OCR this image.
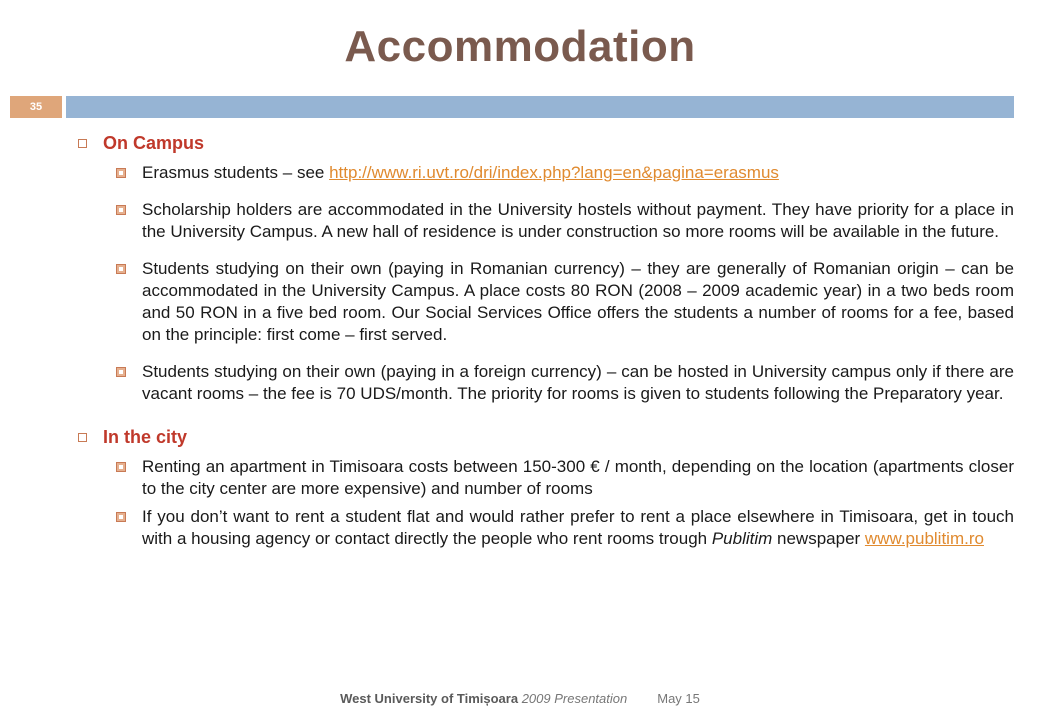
Accommodation
35
On Campus
Erasmus students – see http://www.ri.uvt.ro/dri/index.php?lang=en&pagina=erasmus
Scholarship holders are accommodated in the University hostels without payment. They have priority for a place in the University Campus. A new hall of residence is under construction so more rooms will be available in the future.
Students studying on their own (paying in Romanian currency) – they are generally of Romanian origin – can be accommodated in the University Campus. A place costs 80 RON (2008 – 2009 academic year) in a two beds room and 50 RON in a five bed room. Our Social Services Office offers the students a number of rooms for a fee, based on the principle: first come – first served.
Students studying on their own (paying in a foreign currency) – can be hosted in University campus only if there are vacant rooms – the fee is 70 UDS/month. The priority for rooms is given to students following the Preparatory year.
In the city
Renting an apartment in Timisoara costs between 150-300 € / month, depending on the location (apartments closer to the city center are more expensive) and number of rooms
If you don’t want to rent a student flat and would rather prefer to rent a place elsewhere in Timisoara, get in touch with a housing agency or contact directly the people who rent rooms trough Publitim newspaper www.publitim.ro
West University of Timișoara 2009 Presentation May 15
